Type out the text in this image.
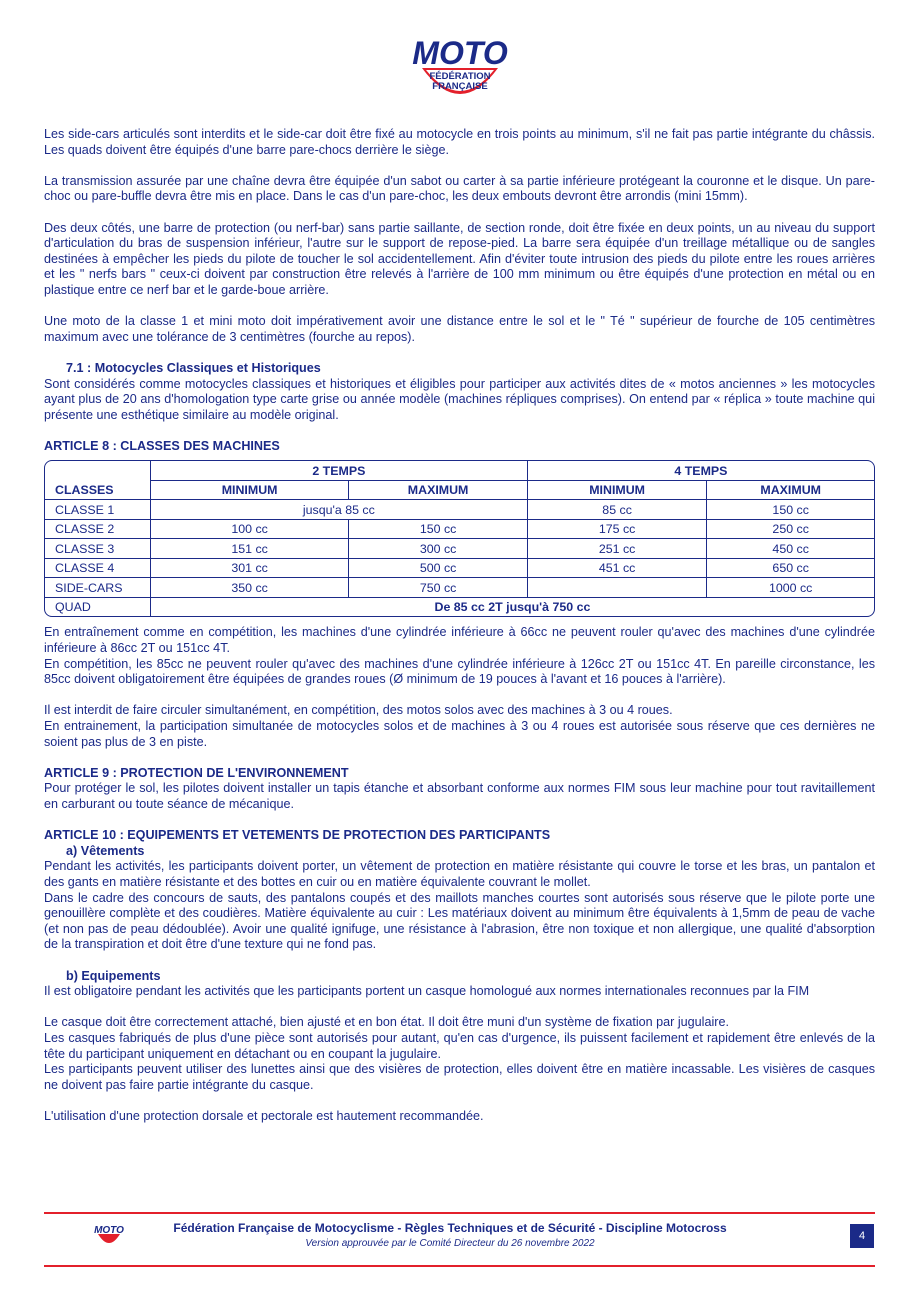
MOTO
FÉDÉRATION
FRANÇAISE

Les side-cars articulés sont interdits et le side-car doit être fixé au motocycle en trois points au minimum, s'il ne fait pas partie intégrante du châssis. Les quads doivent être équipés d'une barre pare-chocs derrière le siège.

La transmission assurée par une chaîne devra être équipée d'un sabot ou carter à sa partie inférieure protégeant la couronne et le disque. Un pare-choc ou pare-buffle devra être mis en place. Dans le cas d'un pare-choc, les deux embouts devront être arrondis (mini 15mm).

Des deux côtés, une barre de protection (ou nerf-bar) sans partie saillante, de section ronde, doit être fixée en deux points, un au niveau du support d'articulation du bras de suspension inférieur, l'autre sur le support de repose-pied. La barre sera équipée d'un treillage métallique ou de sangles destinées à empêcher les pieds du pilote de toucher le sol accidentellement. Afin d'éviter toute intrusion des pieds du pilote entre les roues arrières et les " nerfs bars " ceux-ci doivent par construction être relevés à l'arrière de 100 mm minimum ou être équipés d'une protection en métal ou en plastique entre ce nerf bar et le garde-boue arrière.

Une moto de la classe 1 et mini moto doit impérativement avoir une distance entre le sol et le " Té " supérieur de fourche de 105 centimètres maximum avec une tolérance de 3 centimètres (fourche au repos).

7.1 : Motocycles Classiques et Historiques

Sont considérés comme motocycles classiques et historiques et éligibles pour participer aux activités dites de « motos anciennes » les motocycles ayant plus de 20 ans d'homologation type carte grise ou année modèle (machines répliques comprises). On entend par « réplica » toute machine qui présente une esthétique similaire au modèle original.

ARTICLE 8 : CLASSES DES MACHINES

CLASSES	2 TEMPS		4 TEMPS	
	MINIMUM	MAXIMUM	MINIMUM	MAXIMUM
CLASSE 1	jusqu'a 85 cc		85 cc	150 cc
CLASSE 2	100 cc	150 cc	175 cc	250 cc
CLASSE 3	151 cc	300 cc	251 cc	450 cc
CLASSE 4	301 cc	500 cc	451 cc	650 cc
SIDE-CARS	350 cc	750 cc		1000 cc
QUAD	De 85 cc 2T jusqu'à 750 cc			

En entraînement comme en compétition, les machines d'une cylindrée inférieure à 66cc ne peuvent rouler qu'avec des machines d'une cylindrée inférieure à 86cc 2T ou 151cc 4T.

En compétition, les 85cc ne peuvent rouler qu'avec des machines d'une cylindrée inférieure à 126cc 2T ou 151cc 4T. En pareille circonstance, les 85cc doivent obligatoirement être équipées de grandes roues (Ø minimum de 19 pouces à l'avant et 16 pouces à l'arrière).

Il est interdit de faire circuler simultanément, en compétition, des motos solos avec des machines à 3 ou 4 roues.

En entrainement, la participation simultanée de motocycles solos et de machines à 3 ou 4 roues est autorisée sous réserve que ces dernières ne soient pas plus de 3 en piste.

ARTICLE 9 : PROTECTION DE L'ENVIRONNEMENT

Pour protéger le sol, les pilotes doivent installer un tapis étanche et absorbant conforme aux normes FIM sous leur machine pour tout ravitaillement en carburant ou toute séance de mécanique.

ARTICLE 10 : EQUIPEMENTS ET VETEMENTS DE PROTECTION DES PARTICIPANTS

a) Vêtements

Pendant les activités, les participants doivent porter, un vêtement de protection en matière résistante qui couvre le torse et les bras, un pantalon et des gants en matière résistante et des bottes en cuir ou en matière équivalente couvrant le mollet.

Dans le cadre des concours de sauts, des pantalons coupés et des maillots manches courtes sont autorisés sous réserve que le pilote porte une genouillère complète et des coudières. Matière équivalente au cuir : Les matériaux doivent au minimum être équivalents à 1,5mm de peau de vache (et non pas de peau dédoublée). Avoir une qualité ignifuge, une résistance à l'abrasion, être non toxique et non allergique, une qualité d'absorption de la transpiration et doit être d'une texture qui ne fond pas.

b) Equipements

Il est obligatoire pendant les activités que les participants portent un casque homologué aux normes internationales reconnues par la FIM

Le casque doit être correctement attaché, bien ajusté et en bon état. Il doit être muni d'un système de fixation par jugulaire.

Les casques fabriqués de plus d'une pièce sont autorisés pour autant, qu'en cas d'urgence, ils puissent facilement et rapidement être enlevés de la tête du participant uniquement en détachant ou en coupant la jugulaire.

Les participants peuvent utiliser des lunettes ainsi que des visières de protection, elles doivent être en matière incassable. Les visières de casques ne doivent pas faire partie intégrante du casque.

L'utilisation d'une protection dorsale et pectorale est hautement recommandée.

MOTO	Fédération Française de Motocyclisme - Règles Techniques et de Sécurité - Discipline Motocross
Version approuvée par le Comité Directeur du 26 novembre 2022
4
